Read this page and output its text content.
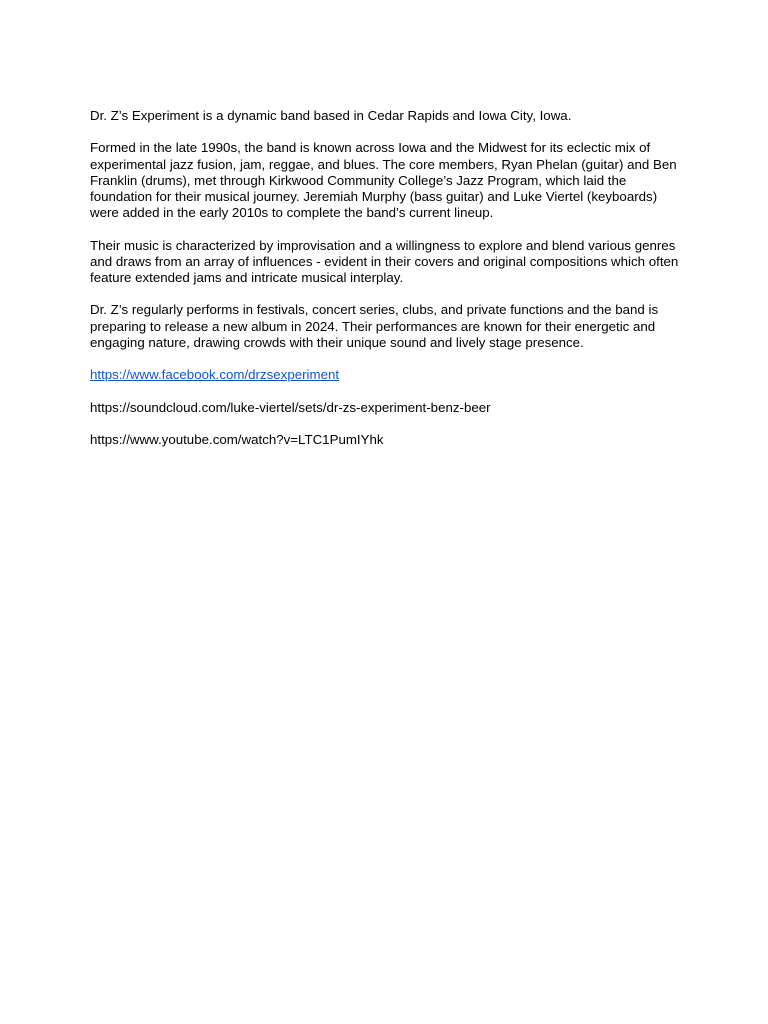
Dr. Z’s Experiment is a dynamic band based in Cedar Rapids and Iowa City, Iowa.

Formed in the late 1990s, the band is known across Iowa and the Midwest for its eclectic mix of experimental jazz fusion, jam, reggae, and blues. The core members, Ryan Phelan (guitar) and Ben Franklin (drums), met through Kirkwood Community College’s Jazz Program, which laid the foundation for their musical journey. Jeremiah Murphy (bass guitar) and Luke Viertel (keyboards) were added in the early 2010s to complete the band’s current lineup.

Their music is characterized by improvisation and a willingness to explore and blend various genres and draws from an array of influences - evident in their covers and original compositions which often feature extended jams and intricate musical interplay.

Dr. Z’s regularly performs in festivals, concert series, clubs, and private functions and the band is preparing to release a new album in 2024. Their performances are known for their energetic and engaging nature, drawing crowds with their unique sound and lively stage presence.

https://www.facebook.com/drzsexperiment

https://soundcloud.com/luke-viertel/sets/dr-zs-experiment-benz-beer

https://www.youtube.com/watch?v=LTC1PumIYhk
